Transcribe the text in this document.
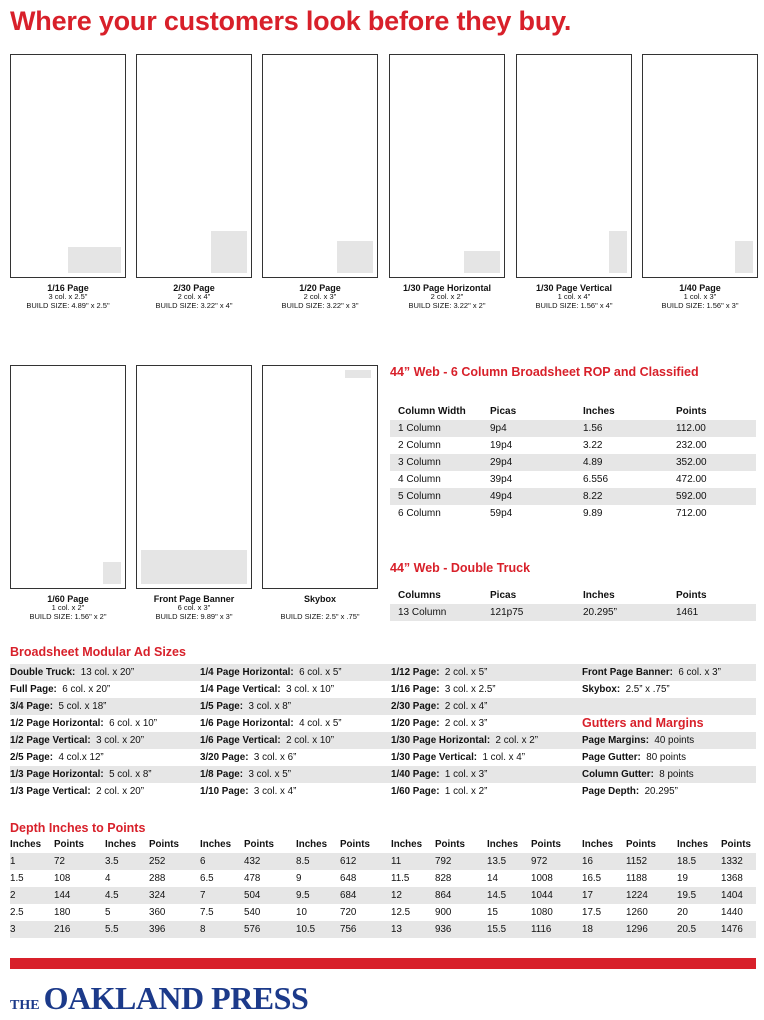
Where your customers look before they buy.
1/16 Page
3 col. x 2.5"
BUILD SIZE: 4.89" x 2.5"
2/30 Page
2 col. x 4"
BUILD SIZE: 3.22" x 4"
1/20 Page
2 col. x 3"
BUILD SIZE: 3.22" x 3"
1/30 Page Horizontal
2 col. x 2"
BUILD SIZE: 3.22" x 2"
1/30 Page Vertical
1 col. x 4"
BUILD SIZE: 1.56" x 4"
1/40 Page
1 col. x 3"
BUILD SIZE: 1.56" x 3"
1/60 Page
1 col. x 2"
BUILD SIZE: 1.56" x 2"
Front Page Banner
6 col. x 3"
BUILD SIZE: 9.89" x 3"
Skybox
BUILD SIZE: 2.5" x .75"
44” Web - 6 Column Broadsheet ROP and Classified
Column Width Picas	Inches	Points
1 Column	9p4	1.56	112.00
2 Column	19p4	3.22	232.00
3 Column	29p4	4.89	352.00
4 Column	39p4	6.556	472.00
5 Column	49p4	8.22	592.00
6 Column	59p4	9.89	712.00
44” Web - Double Truck
Columns	Picas	Inches	Points
13 Column	121p75	20.295”	1461
Broadsheet Modular Ad Sizes
Gutters and Margins
Double Truck: 13 col. x 20”	1/4 Page Horizontal: 6 col. x 5”	1/12 Page: 2 col. x 5”	Front Page Banner: 6 col. x 3”
Full Page: 6 col. x 20”	1/4 Page Vertical: 3 col. x 10”	1/16 Page: 3 col. x 2.5”	Skybox: 2.5” x .75”
3/4 Page: 5 col. x 18”	1/5 Page: 3 col. x 8”	2/30 Page: 2 col. x 4”
1/2 Page Horizontal: 6 col. x 10”	1/6 Page Horizontal: 4 col. x 5”	1/20 Page: 2 col. x 3”
1/2 Page Vertical: 3 col. x 20”	1/6 Page Vertical: 2 col. x 10”	1/30 Page Horizontal: 2 col. x 2”	Page Margins: 40 points
2/5 Page: 4 col.x 12”	3/20 Page: 3 col. x 6”	1/30 Page Vertical: 1 col. x 4”	Page Gutter: 80 points
1/3 Page Horizontal: 5 col. x 8”	1/8 Page: 3 col. x 5”	1/40 Page: 1 col. x 3”	Column Gutter: 8 points
1/3 Page Vertical: 2 col. x 20”	1/10 Page: 3 col. x 4”	1/60 Page: 1 col. x 2”	Page Depth: 20.295”
Depth Inches to Points
Inches Points Inches Points Inches Points Inches Points Inches Points Inches Points Inches Points Inches Points
1	72	3.5	252	6	432	8.5	612	11	792	13.5	972	16	1152	18.5	1332
1.5	108	4	288	6.5	478	9	648	11.5	828	14	1008	16.5	1188	19	1368
2	144	4.5	324	7	504	9.5	684	12	864	14.5	1044	17	1224	19.5	1404
2.5	180	5	360	7.5	540	10	720	12.5	900	15	1080	17.5	1260	20	1440
3	216	5.5	396	8	576	10.5	756	13	936	15.5	1116	18	1296	20.5	1476
THE OAKLAND PRESS
